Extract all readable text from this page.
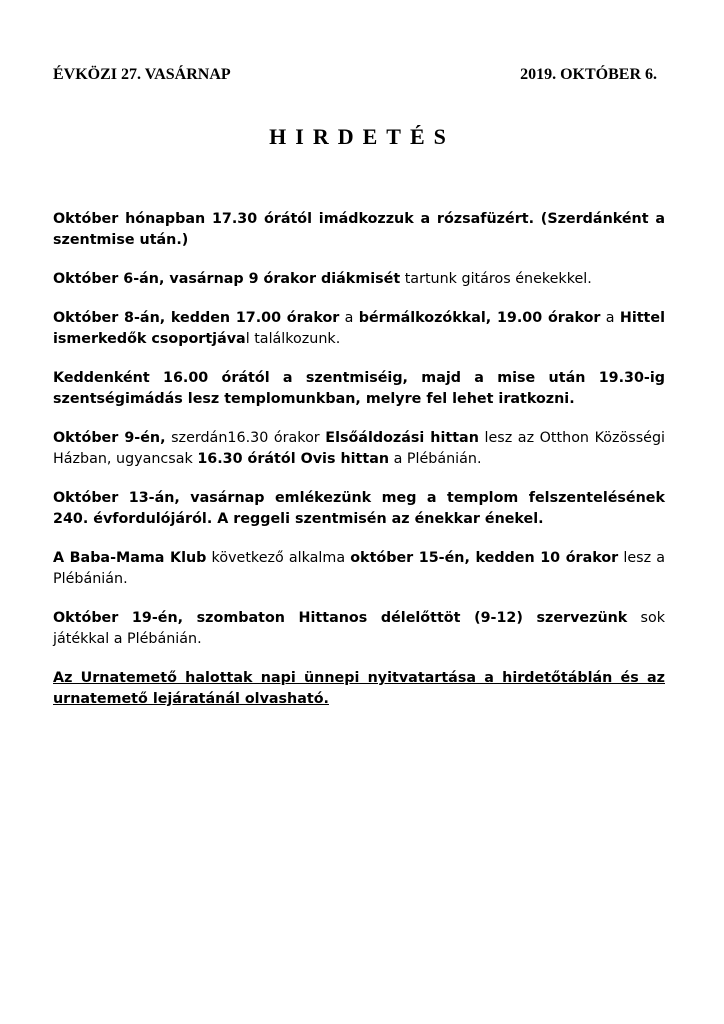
ÉVKÖZI 27. VASÁRNAP	2019. OKTÓBER 6.
HIRDETÉS

Október hónapban 17.30 órától imádkozzuk a rózsafüzért. (Szerdánként a szentmise után.)

Október 6-án, vasárnap 9 órakor diákmisét tartunk gitáros énekekkel.

Október 8-án, kedden 17.00 órakor a bérmálkozókkal, 19.00 órakor a Hittel ismerkedők csoportjával találkozunk.

Keddenként 16.00 órától a szentmiséig, majd a mise után 19.30-ig szentségimádás lesz templomunkban, melyre fel lehet iratkozni.

Október 9-én, szerdán16.30 órakor Elsőáldozási hittan lesz az Otthon Közösségi Házban, ugyancsak 16.30 órától Ovis hittan a Plébánián.

Október 13-án, vasárnap emlékezünk meg a templom felszentelésének 240. évfordulójáról. A reggeli szentmisén az énekkar énekel.

A Baba-Mama Klub következő alkalma október 15-én, kedden 10 órakor lesz a Plébánián.

Október 19-én, szombaton Hittanos délelőttöt (9-12) szervezünk sok játékkal a Plébánián.

Az Urnatemető halottak napi ünnepi nyitvatartása a hirdetőtáblán és az urnatemető lejáratánál olvasható.
